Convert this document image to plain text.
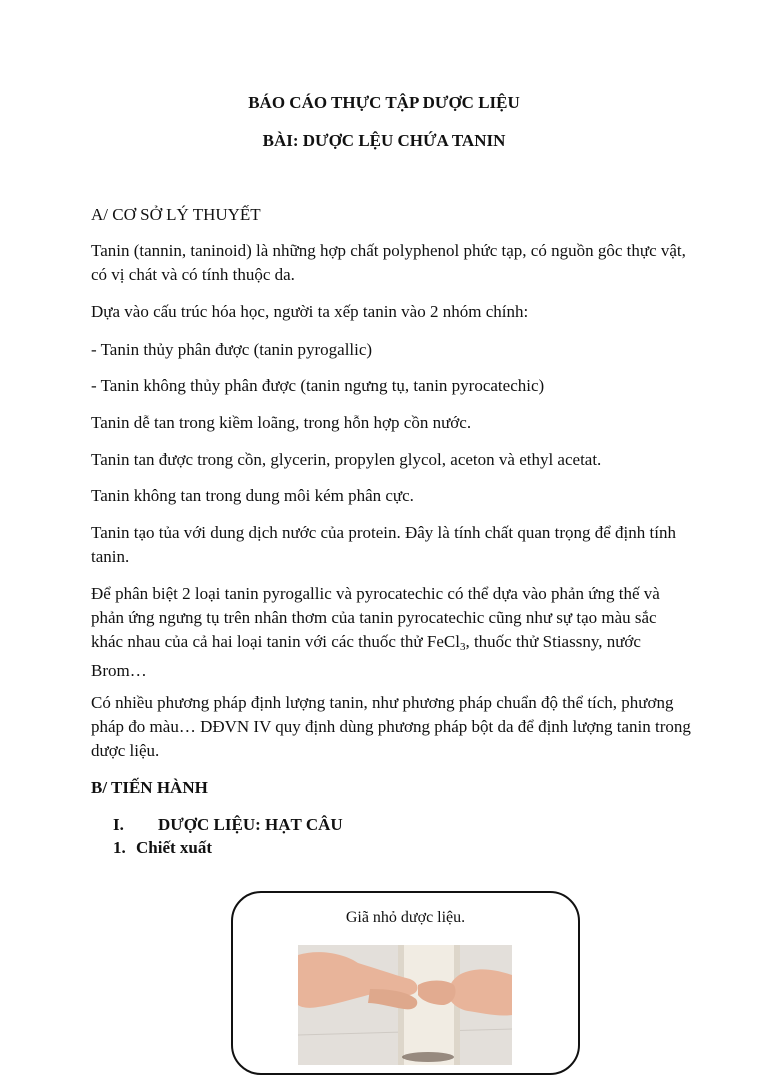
BÁO CÁO THỰC TẬP DƯỢC LIỆU
BÀI: DƯỢC LỆU CHỨA TANIN
A/ CƠ SỞ LÝ THUYẾT
Tanin (tannin, taninoid) là những hợp chất polyphenol phức tạp, có nguồn gôc thực vật, có vị chát và có tính thuộc da.
Dựa vào cấu trúc hóa học, người ta xếp tanin vào 2 nhóm chính:
- Tanin thủy phân được (tanin pyrogallic)
- Tanin không thủy phân được (tanin ngưng tụ, tanin pyrocatechic)
Tanin dễ tan trong kiềm loãng, trong hỗn hợp cồn nước.
Tanin tan được trong cồn, glycerin, propylen glycol, aceton và ethyl acetat.
Tanin không tan trong dung môi kém phân cực.
Tanin tạo tủa với dung dịch nước của protein. Đây là tính chất quan trọng để định tính tanin.
Để phân biệt 2 loại tanin pyrogallic và pyrocatechic có thể dựa vào phản ứng thế và phản ứng ngưng tụ trên nhân thơm của tanin pyrocatechic cũng như sự tạo màu sắc khác nhau của cả hai loại tanin với các thuốc thử FeCl$_3$, thuốc thử Stiassny, nước Brom…
Có nhiều phương pháp định lượng tanin, như phương pháp chuẩn độ thể tích, phương pháp đo màu… DĐVN IV quy định dùng phương pháp bột da để định lượng tanin trong dược liệu.
B/ TIẾN HÀNH
I.	DƯỢC LIỆU: HẠT CÂU
1. Chiết xuất
Giã nhỏ dược liệu.
